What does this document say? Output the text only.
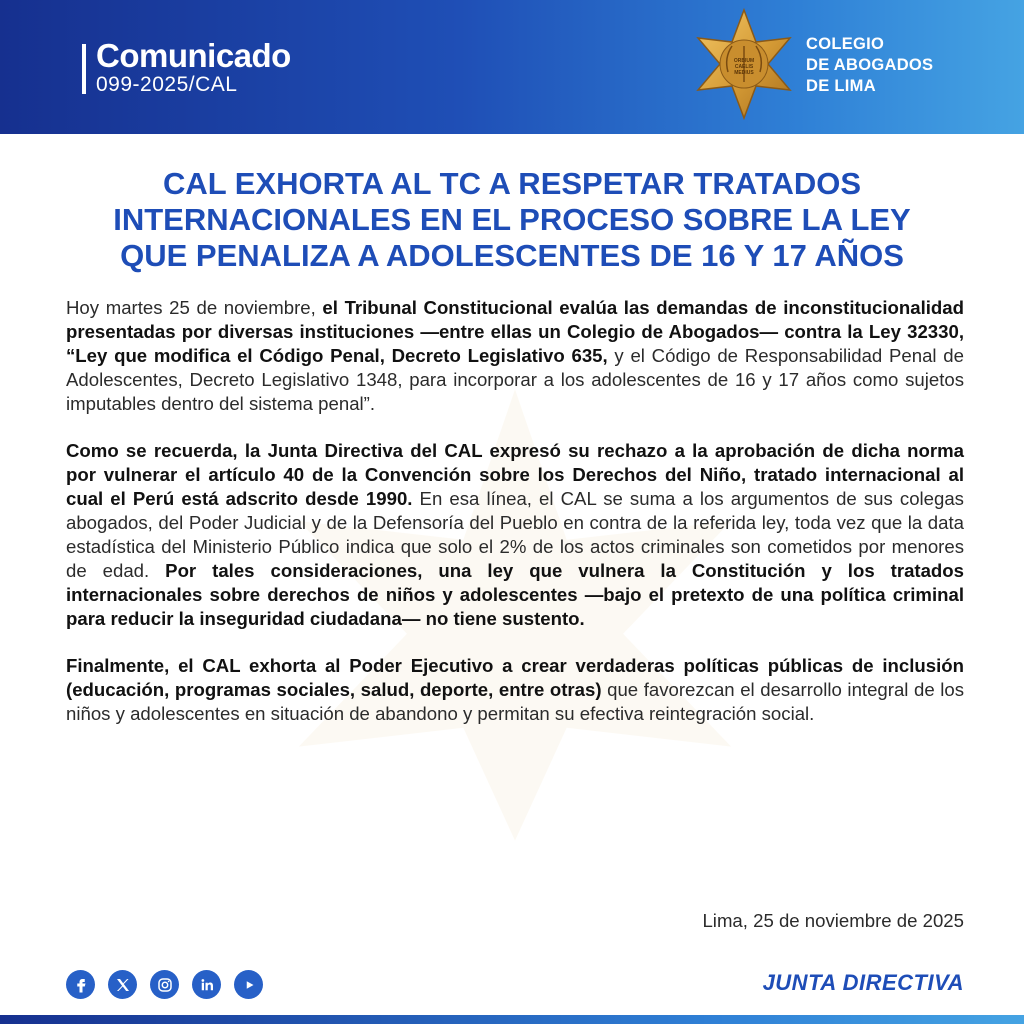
Comunicado
099-2025/CAL
ORBIUM
CAELIS
MEDIUS
COLEGIO
DE ABOGADOS
DE LIMA
CAL EXHORTA AL TC A RESPETAR TRATADOS
INTERNACIONALES EN EL PROCESO SOBRE LA LEY
QUE PENALIZA A ADOLESCENTES DE 16 Y 17 AÑOS

Hoy martes 25 de noviembre, el Tribunal Constitucional evalúa las demandas de inconstitucionalidad presentadas por diversas instituciones —entre ellas un Colegio de Abogados— contra la Ley 32330, “Ley que modifica el Código Penal, Decreto Legislativo 635, y el Código de Responsabilidad Penal de Adolescentes, Decreto Legislativo 1348, para incorporar a los adolescentes de 16 y 17 años como sujetos imputables dentro del sistema penal”.

Como se recuerda, la Junta Directiva del CAL expresó su rechazo a la aprobación de dicha norma por vulnerar el artículo 40 de la Convención sobre los Derechos del Niño, tratado internacional al cual el Perú está adscrito desde 1990. En esa línea, el CAL se suma a los argumentos de sus colegas abogados, del Poder Judicial y de la Defensoría del Pueblo en contra de la referida ley, toda vez que la data estadística del Ministerio Público indica que solo el 2% de los actos criminales son cometidos por menores de edad. Por tales consideraciones, una ley que vulnera la Constitución y los tratados internacionales sobre derechos de niños y adolescentes —bajo el pretexto de una política criminal para reducir la inseguridad ciudadana— no tiene sustento.

Finalmente, el CAL exhorta al Poder Ejecutivo a crear verdaderas políticas públicas de inclusión (educación, programas sociales, salud, deporte, entre otras) que favorezcan el desarrollo integral de los niños y adolescentes en situación de abandono y permitan su efectiva reintegración social.

Lima, 25 de noviembre de 2025
JUNTA DIRECTIVA
